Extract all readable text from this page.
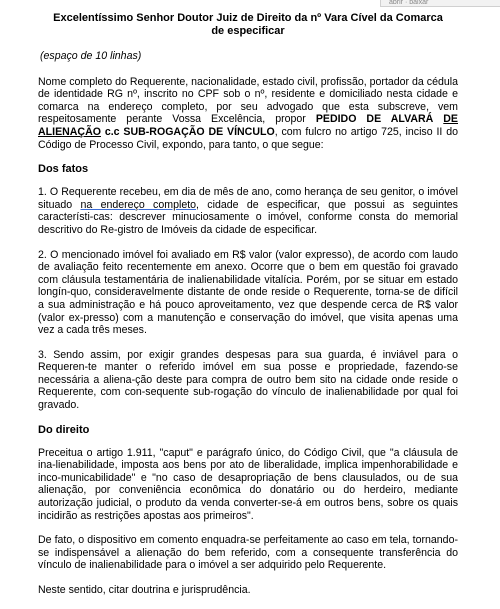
abrir · baixar
Excelentíssimo Senhor Doutor Juiz de Direito da nº Vara Cível da Comarca
de especificar
(espaço de 10 linhas)

Nome completo do Requerente, nacionalidade, estado civil, profissão, portador da cédula de identidade RG nº, inscrito no CPF sob o nº, residente e domiciliado nesta cidade e comarca na endereço completo, por seu advogado que esta subscreve, vem respeitosamente perante Vossa Excelência, propor PEDIDO DE ALVARÁ DE ALIENAÇÃO c.c SUB-ROGAÇÃO DE VÍNCULO, com fulcro no artigo 725, inciso II do Código de Processo Civil, expondo, para tanto, o que segue:

Dos fatos

1. O Requerente recebeu, em dia de mês de ano, como herança de seu genitor, o imóvel situado na endereço completo, cidade de especificar, que possui as seguintes característi-cas: descrever minuciosamente o imóvel, conforme consta do memorial descritivo do Re-gistro de Imóveis da cidade de especificar.

2. O mencionado imóvel foi avaliado em R$ valor (valor expresso), de acordo com laudo de avaliação feito recentemente em anexo. Ocorre que o bem em questão foi gravado com cláusula testamentária de inalienabilidade vitalícia. Porém, por se situar em estado longín-quo, consideravelmente distante de onde reside o Requerente, torna-se de difícil a sua administração e há pouco aproveitamento, vez que despende cerca de R$ valor (valor ex-presso) com a manutenção e conservação do imóvel, que visita apenas uma vez a cada três meses.

3. Sendo assim, por exigir grandes despesas para sua guarda, é inviável para o Requeren-te manter o referido imóvel em sua posse e propriedade, fazendo-se necessária a aliena-ção deste para compra de outro bem sito na cidade onde reside o Requerente, com con-sequente sub-rogação do vínculo de inalienabilidade por qual foi gravado.

Do direito

Preceitua o artigo 1.911, "caput" e parágrafo único, do Código Civil, que "a cláusula de ina-lienabilidade, imposta aos bens por ato de liberalidade, implica impenhorabilidade e inco-municabilidade" e "no caso de desapropriação de bens clausulados, ou de sua alienação, por conveniência econômica do donatário ou do herdeiro, mediante autorização judicial, o produto da venda converter-se-á em outros bens, sobre os quais incidirão as restrições apostas aos primeiros".

De fato, o dispositivo em comento enquadra-se perfeitamente ao caso em tela, tornando-se indispensável a alienação do bem referido, com a consequente transferência do vínculo de inalienabilidade para o imóvel a ser adquirido pelo Requerente.

Neste sentido, citar doutrina e jurisprudência.
